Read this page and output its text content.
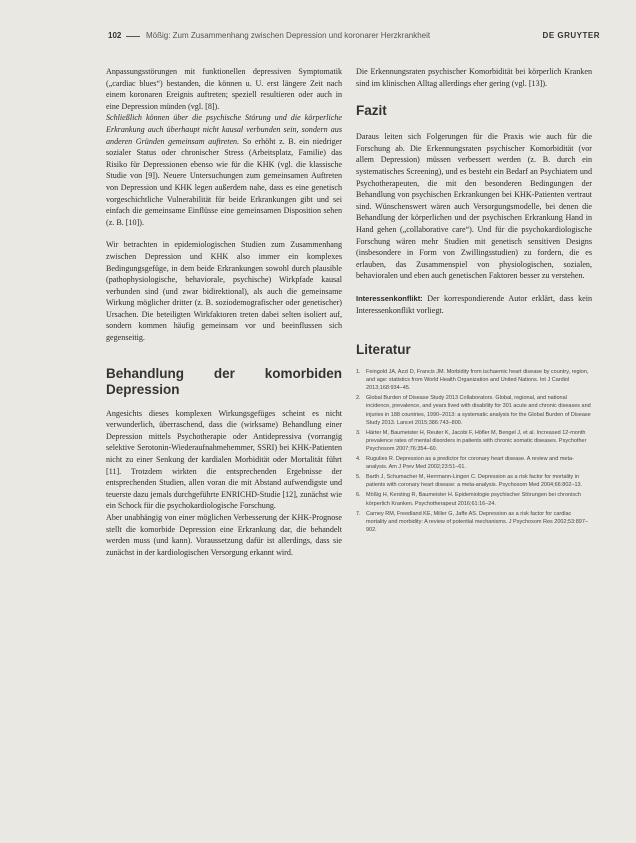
102	Mößig: Zum Zusammenhang zwischen Depression und koronarer Herzkrankheit	DE GRUYTER

Anpassungsstörungen mit funktionellen depressiven Symptomatik („cardiac blues“) bestanden, die können u. U. erst längere Zeit nach einem koronaren Ereignis auftreten; speziell resultieren oder auch in eine Depression münden (vgl. [8]).

Schließlich können über die psychische Störung und die körperliche Erkrankung auch überhaupt nicht kausal verbunden sein, sondern aus anderen Gründen gemeinsam auftreten. So erhöht z. B. ein niedriger sozialer Status oder chronischer Stress (Arbeitsplatz, Familie) das Risiko für Depressionen ebenso wie für die KHK (vgl. die klassische Studie von [9]). Neuere Untersuchungen zum gemeinsamen Auftreten von Depression und KHK legen außerdem nahe, dass es eine genetisch vorgeschichtliche Vulnerabilität für beide Erkrankungen gibt und sei einfach die gemeinsame Einflüsse eine gemeinsamen Disposition sehen (z. B. [10]).

Wir betrachten in epidemiologischen Studien zum Zusammenhang zwischen Depression und KHK also immer ein komplexes Bedingungsgefüge, in dem beide Erkrankungen sowohl durch plausible (pathophysiologische, behaviorale, psychische) Wirkpfade kausal verbunden sind (und zwar bidirektional), als auch die gemeinsame Wirkung möglicher dritter (z. B. soziodemografischer oder genetischer) Ursachen. Die beteiligten Wirkfaktoren treten dabei selten isoliert auf, sondern kommen häufig gemeinsam vor und beeinflussen sich gegenseitig.

Behandlung der komorbiden Depression

Angesichts dieses komplexen Wirkungsgefüges scheint es nicht verwunderlich, überraschend, dass die (wirksame) Behandlung einer Depression mittels Psychotherapie oder Antidepressiva (vorrangig selektive Serotonin-Wiederaufnahmehemmer, SSRI) bei KHK-Patienten nicht zu einer Senkung der kardialen Morbidität oder Mortalität führt [11]. Trotzdem wirkten die entsprechenden Ergebnisse der entsprechenden Studien, allen voran die mit Abstand aufwendigste und teuerste dazu jemals durchgeführte ENRICHD-Studie [12], zunächst wie ein Schock für die psychokardiologische Forschung.

Aber unabhängig von einer möglichen Verbesserung der KHK-Prognose stellt die komorbide Depression eine Erkrankung dar, die behandelt werden muss (und kann). Voraussetzung dafür ist allerdings, dass sie zunächst in der kardiologischen Versorgung erkannt wird.

Die Erkennungsraten psychischer Komorbidität bei körperlich Kranken sind im klinischen Alltag allerdings eher gering (vgl. [13]).

Fazit

Daraus leiten sich Folgerungen für die Praxis wie auch für die Forschung ab. Die Erkennungsraten psychischer Komorbidität (vor allem Depression) müssen verbessert werden (z. B. durch ein systematisches Screening), und es besteht ein Bedarf an Psychiatern und Psychotherapeuten, die mit den besonderen Bedingungen der Behandlung von psychischen Erkrankungen bei KHK-Patienten vertraut sind. Wünschenswert wären auch Versorgungsmodelle, bei denen die Behandlung der körperlichen und der psychischen Erkrankung Hand in Hand gehen („collaborative care“). Und für die psychokardiologische Forschung wären mehr Studien mit genetisch sensitiven Designs (insbesondere in Form von Zwillingsstudien) zu fordern, die es erlauben, das Zusammenspiel von physiologischen, sozialen, behavioralen und eben auch genetischen Faktoren besser zu verstehen.

Interessenkonflikt: Der korrespondierende Autor erklärt, dass kein Interessenkonflikt vorliegt.

Literatur
1. Feingold JA, Azzi D, Francis JM. Morbidity from ischaemic heart disease by country, region, and age: statistics from World Health Organization and United Nations. Int J Cardiol 2013;168:934–45.
2. Global Burden of Disease Study 2013 Collaborators. Global, regional, and national incidence, prevalence, and years lived with disability for 301 acute and chronic diseases and injuries in 188 countries, 1990–2013: a systematic analysis for the Global Burden of Disease Study 2013. Lancet 2015;386:743–800.
3. Härter M, Baumeister H, Reuter K, Jacobi F, Höfler M, Bengel J, et al. Increased 12-month prevalence rates of mental disorders in patients with chronic somatic diseases. Psychother Psychosom 2007;76:354–60.
4. Rugulies R. Depression as a predictor for coronary heart disease. A review and meta-analysis. Am J Prev Med 2002;23:51–61.
5. Barth J, Schumacher M, Herrmann-Lingen C. Depression as a risk factor for mortality in patients with coronary heart disease: a meta-analysis. Psychosom Med 2004;66:802–13.
6. Mößig H, Kersting R, Baumeister H. Epidemiologie psychischer Störungen bei chronisch körperlich Kranken. Psychotherapeut 2016;61:16–24.
7. Carney RM, Freedland KE, Miller G, Jaffe AS. Depression as a risk factor for cardiac mortality and morbidity: A review of potential mechanisms. J Psychosom Res 2002;53:897–902.
